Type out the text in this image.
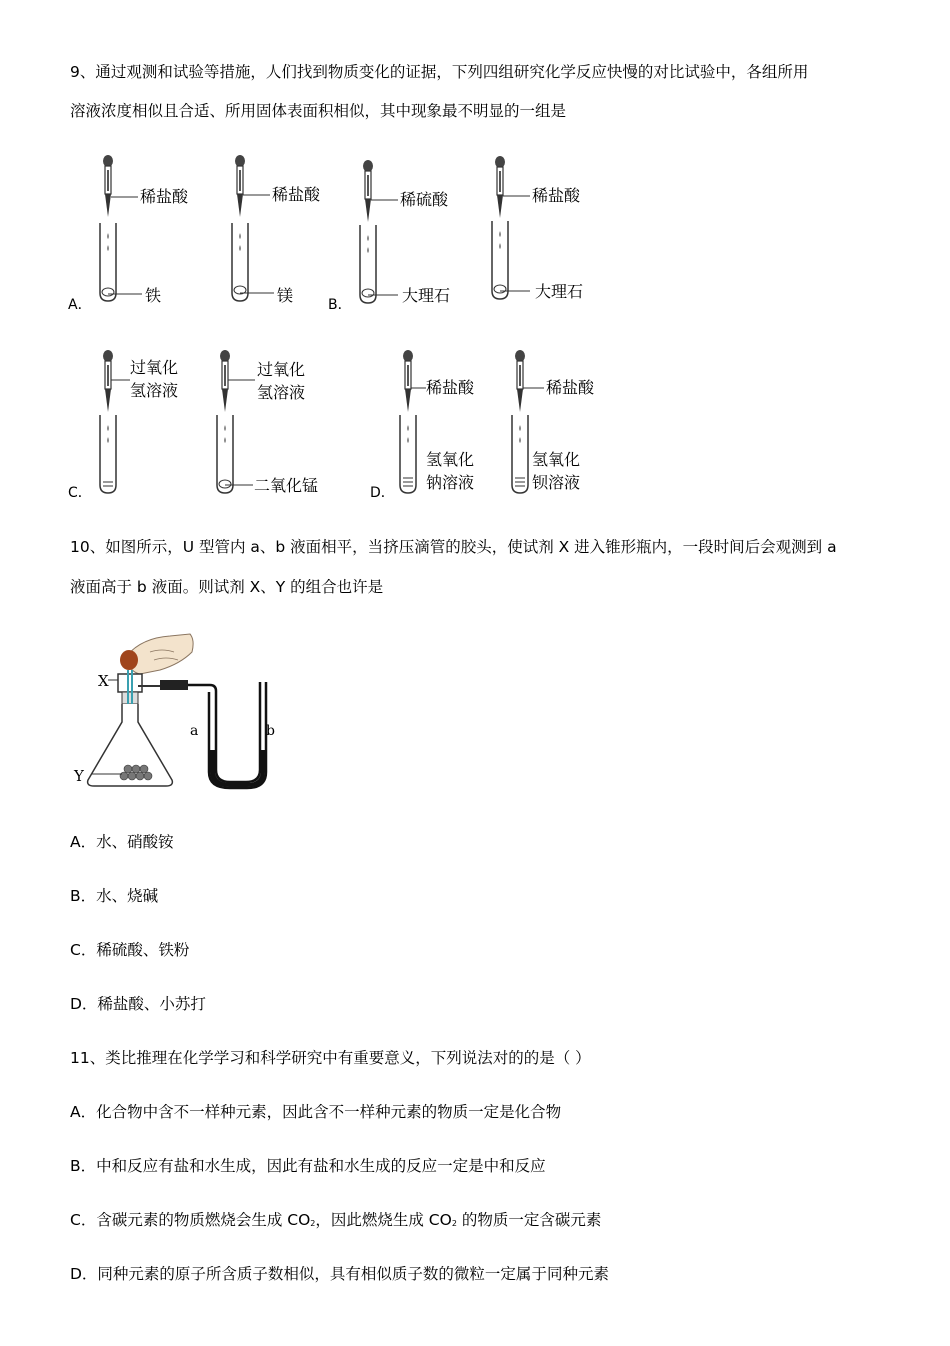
9、通过观测和试验等措施，人们找到物质变化的证据，下列四组研究化学反应快慢的对比试验中，各组所用
溶液浓度相似且合适、所用固体表面积相似，其中现象最不明显的一组是
A．
稀盐酸
铁
稀盐酸
镁 B．
稀硫酸
大理石
稀盐酸
大理石
C．
过氧化
氢溶液
过氧化
氢溶液
二氧化锰	D．
稀盐酸
氢氧化
钠溶液
稀盐酸
氢氧化
钡溶液
10、如图所示，U 型管内 a、b 液面相平，当挤压滴管的胶头，使试剂 X 进入锥形瓶内，一段时间后会观测到 a
液面高于 b 液面。则试剂 X、Y 的组合也许是
X
Y
a	b
A．水、硝酸铵
B．水、烧碱
C．稀硫酸、铁粉
D．稀盐酸、小苏打
11、类比推理在化学学习和科学研究中有重要意义，下列说法对的的是（ ）
A．化合物中含不一样种元素，因此含不一样种元素的物质一定是化合物
B．中和反应有盐和水生成，因此有盐和水生成的反应一定是中和反应
C．含碳元素的物质燃烧会生成 $CO_2$，因此燃烧生成 $CO_2$ 的物质一定含碳元素
D．同种元素的原子所含质子数相似，具有相似质子数的微粒一定属于同种元素
